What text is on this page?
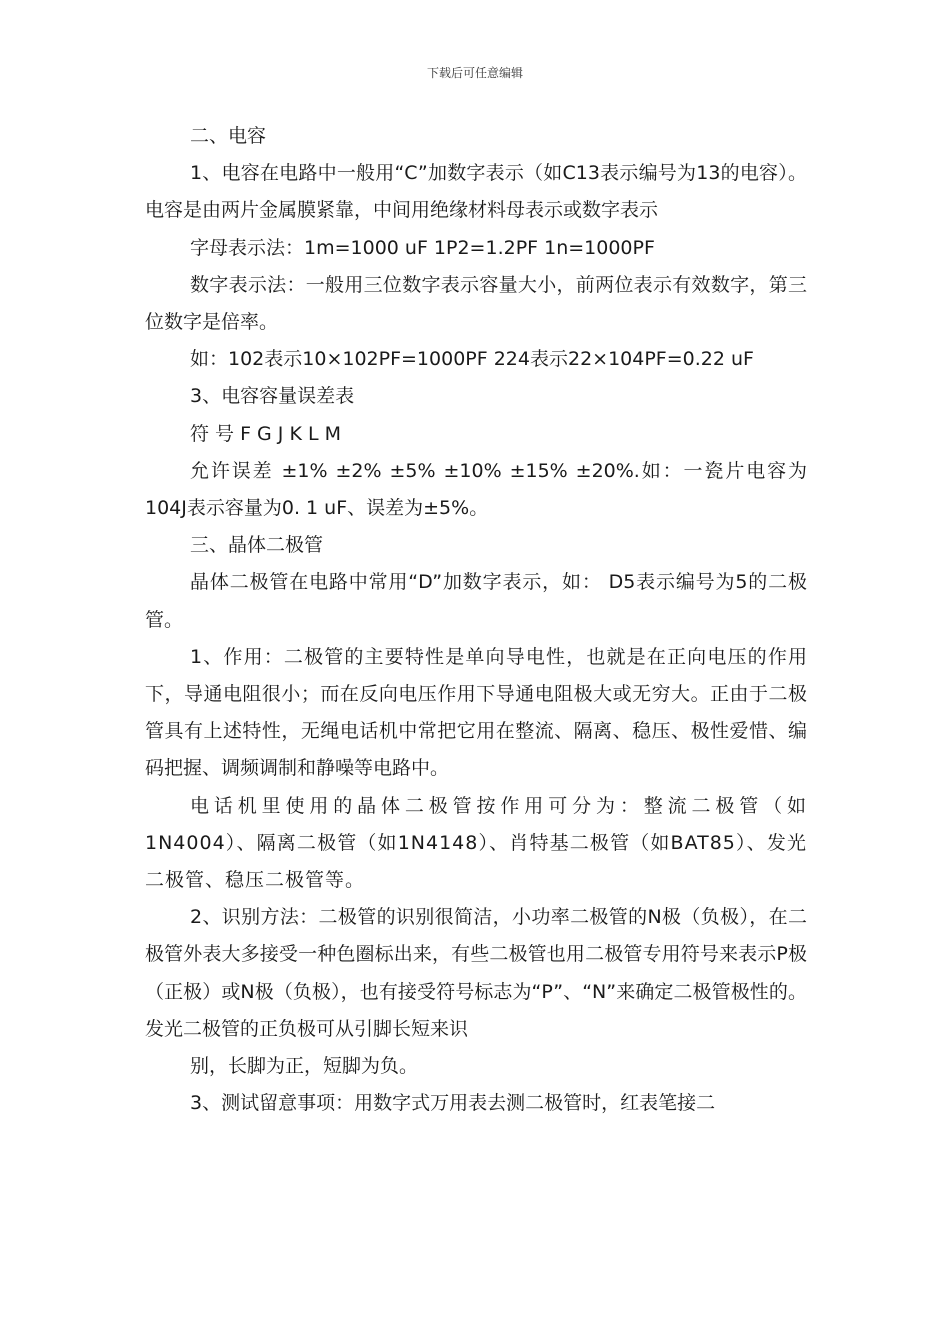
下载后可任意编辑

二、电容

1、电容在电路中一般用“C”加数字表示（如C13表示编号为13的电容）。电容是由两片金属膜紧靠，中间用绝缘材料母表示或数字表示

字母表示法：1m=1000 uF 1P2=1.2PF 1n=1000PF

数字表示法：一般用三位数字表示容量大小，前两位表示有效数字，第三位数字是倍率。

如：102表示10×102PF=1000PF 224表示22×104PF=0.22 uF

3、电容容量误差表

符 号 F G J K L M

允许误差 ±1% ±2% ±5% ±10% ±15% ±20%.如：一瓷片电容为104J表示容量为0. 1 uF、误差为±5%。

三、晶体二极管

晶体二极管在电路中常用“D”加数字表示，如： D5表示编号为5的二极管。

1、作用：二极管的主要特性是单向导电性，也就是在正向电压的作用下，导通电阻很小；而在反向电压作用下导通电阻极大或无穷大。正由于二极管具有上述特性，无绳电话机中常把它用在整流、隔离、稳压、极性爱惜、编码把握、调频调制和静噪等电路中。

电话机里使用的晶体二极管按作用可分为：整流二极管（如1N4004）、隔离二极管（如1N4148）、肖特基二极管（如BAT85）、发光二极管、稳压二极管等。

2、识别方法：二极管的识别很简洁，小功率二极管的N极（负极），在二极管外表大多接受一种色圈标出来，有些二极管也用二极管专用符号来表示P极（正极）或N极（负极），也有接受符号标志为“P”、“N”来确定二极管极性的。发光二极管的正负极可从引脚长短来识

别，长脚为正，短脚为负。

3、测试留意事项：用数字式万用表去测二极管时，红表笔接二
